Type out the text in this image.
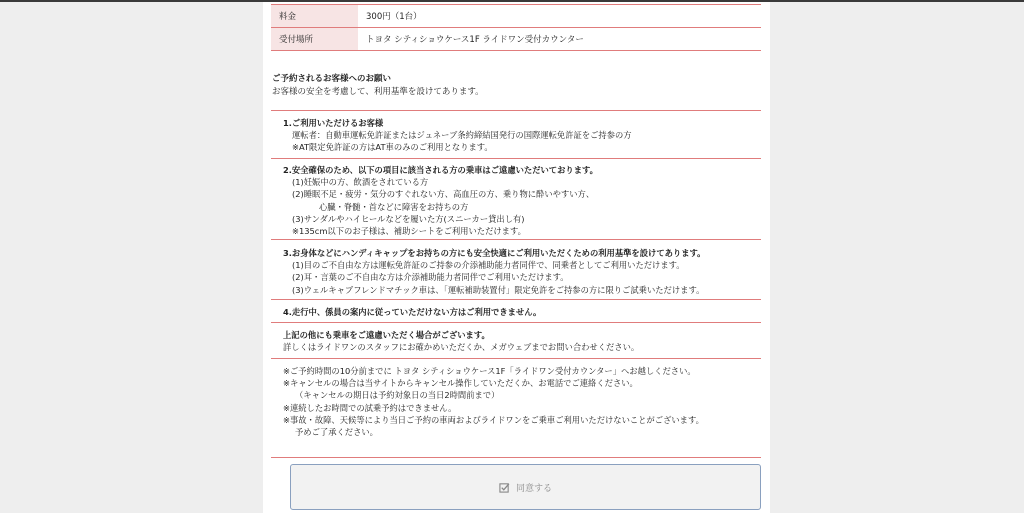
料金	300円（1台）
受付場所	トヨタ シティショウケース1F ライドワン受付カウンター
ご予約されるお客様へのお願い
お客様の安全を考慮して、利用基準を設けてあります。
1.ご利用いただけるお客様
運転者：自動車運転免許証またはジュネーブ条約締結国発行の国際運転免許証をご持参の方
※AT限定免許証の方はAT車のみのご利用となります。
2.安全確保のため、以下の項目に該当される方の乗車はご遠慮いただいております。
(1)妊娠中の方、飲酒をされている方
(2)睡眠不足・疲労・気分のすぐれない方、高血圧の方、乗り物に酔いやすい方、
心臓・脊髄・首などに障害をお持ちの方
(3)サンダルやハイヒールなどを履いた方(スニーカー貸出し有)
※135cm以下のお子様は、補助シートをご利用いただけます。
3.お身体などにハンディキャップをお持ちの方にも安全快適にご利用いただくための利用基準を設けてあります。
(1)目のご不自由な方は運転免許証のご持参の介添補助能力者同伴で、同乗者としてご利用いただけます。
(2)耳・言葉のご不自由な方は介添補助能力者同伴でご利用いただけます。
(3)ウェルキャブフレンドマチック車は、「運転補助装置付」限定免許をご持参の方に限りご試乗いただけます。
4.走行中、係員の案内に従っていただけない方はご利用できません。
上記の他にも乗車をご遠慮いただく場合がございます。
詳しくはライドワンのスタッフにお確かめいただくか、メガウェブまでお問い合わせください。
※ご予約時間の10分前までに トヨタ シティショウケース1F「ライドワン受付カウンター」へお越しください。
※キャンセルの場合は当サイトからキャンセル操作していただくか、お電話でご連絡ください。
（キャンセルの期日は予約対象日の当日2時間前まで）
※連続したお時間での試乗予約はできません。
※事故・故障、天候等により当日ご予約の車両およびライドワンをご乗車ご利用いただけないことがございます。
予めご了承ください。
同意する
